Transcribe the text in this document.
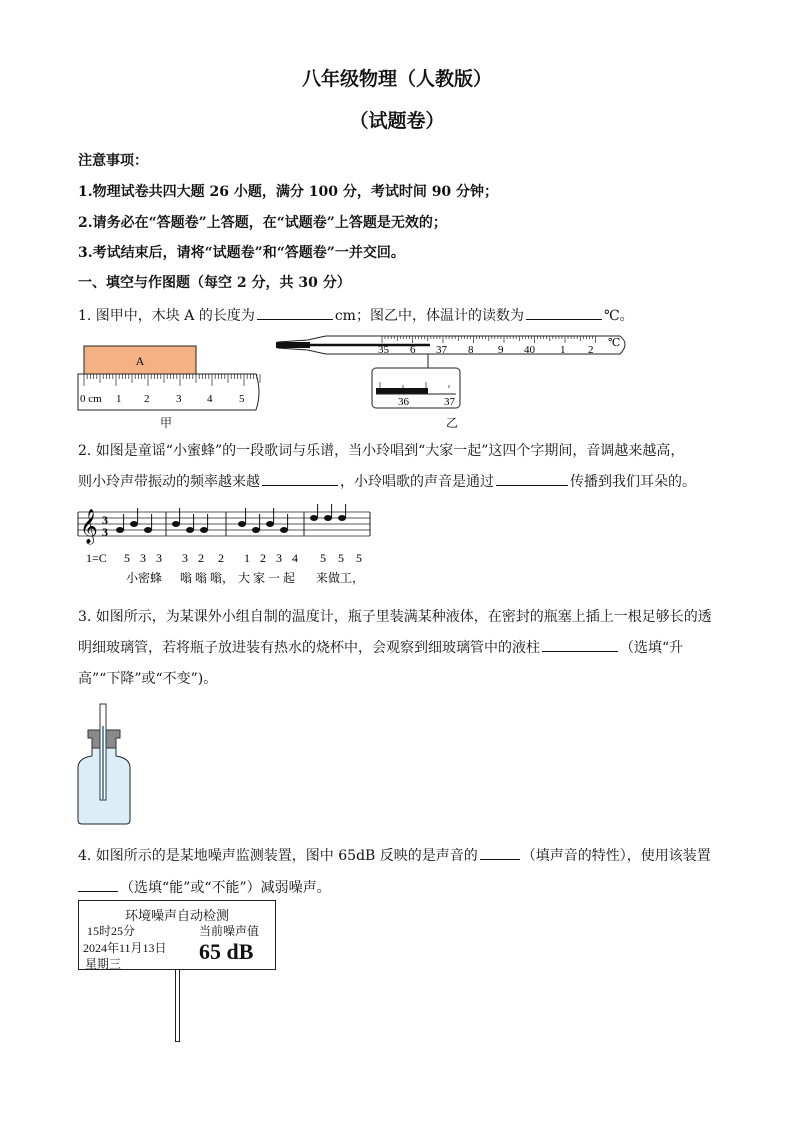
八年级物理（人教版）
（试题卷）
注意事项：
1.物理试卷共四大题 26 小题，满分 100 分，考试时间 90 分钟；
2.请务必在“答题卷”上答题，在“试题卷”上答题是无效的；
3.考试结束后，请将“试题卷”和“答题卷”一并交回。
一、填空与作图题（每空 2 分，共 30 分）
1. 图甲中，木块 A 的长度为	cm；图乙中，体温计的读数为	℃。
A
0 cm 1 2 3 4 5
甲
35 6 37 8 9 40 1 2
℃
36	37
乙
2. 如图是童谣“小蜜蜂”的一段歌词与乐谱，当小玲唱到“大家一起”这四个字期间，音调越来越高，
则小玲声带振动的频率越来越	，小玲唱歌的声音是通过	传播到我们耳朵的。
𝄞 3
3
1=C 5 3 3 3 2 2 1 2 3 4 5 5 5
小密蜂 嗡 嗡 嗡， 大 家 一 起 来做工，
3. 如图所示，为某课外小组自制的温度计，瓶子里装满某种液体，在密封的瓶塞上插上一根足够长的透
明细玻璃管，若将瓶子放进装有热水的烧杯中，会观察到细玻璃管中的液柱	（选填“升
高”“下降”或“不变”)。
4. 如图所示的是某地噪声监测装置，图中 65dB 反映的是声音的	（填声音的特性），使用该装置
（选填“能”或“不能”）减弱噪声。
环境噪声自动检测
15时25分
2024年11月13日
星期三
当前噪声值
65 dB
